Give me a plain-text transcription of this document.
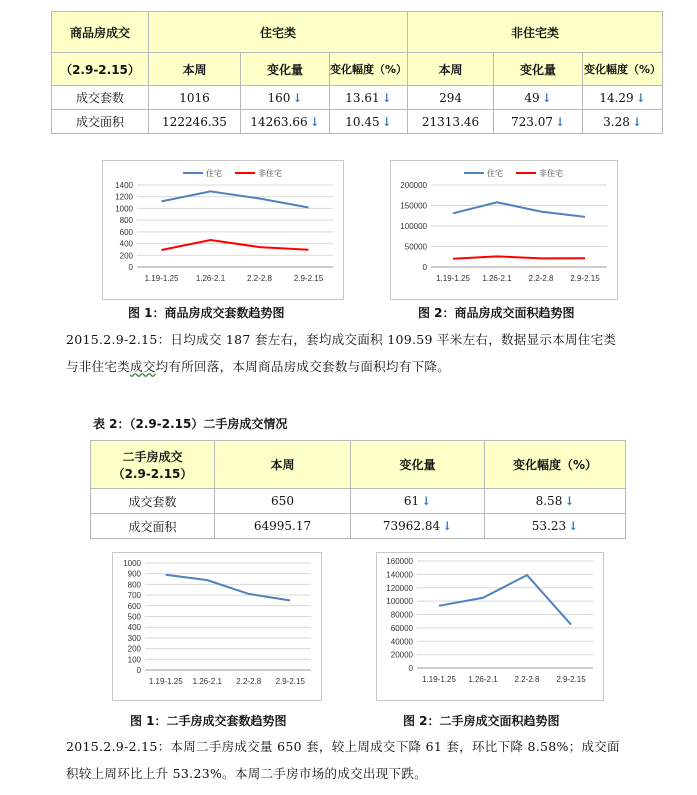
商品房成交	住宅类			非住宅类		
（2.9-2.15）	本周	变化量	变化幅度（%）	本周	变化量	变化幅度（%）
成交套数	1016	160 ↓	13.61 ↓	294	49 ↓	14.29 ↓
成交面积	122246.35	14263.66 ↓	10.45 ↓	21313.46	723.07 ↓	3.28 ↓
0
200
400
600
800
1000
1200
1400
1.19-1.25 1.26-2.1	2.2-2.8	2.9-2.15
住宅	非住宅
0
50000
100000
150000
200000
1.19-1.25 1.26-2.1 2.2-2.8 2.9-2.15
住宅	非住宅
图 1：商品房成交套数趋势图	图 2：商品房成交面积趋势图
2015.2.9-2.15：日均成交 187 套左右，套均成交面积 109.59 平米左右，数据显示本周住宅类
与非住宅类成交均有所回落，本周商品房成交套数与面积均有下降。
表 2：（2.9-2.15）二手房成交情况
二手房成交
（2.9-2.15）	本周	变化量	变化幅度（%）
成交套数	650	61 ↓	8.58 ↓
成交面积	64995.17	73962.84 ↓	53.23 ↓
0
100
200
300
400
500
600
700
800
900
1000
1.19-1.25 1.26-2.1 2.2-2.8 2.9-2.15
0
20000
40000
60000
80000
100000
120000
140000
160000
1.19-1.25 1.26-2.1 2.2-2.8 2.9-2.15
图 1：二手房成交套数趋势图	图 2：二手房成交面积趋势图
2015.2.9-2.15：本周二手房成交量 650 套，较上周成交下降 61 套，环比下降 8.58%；成交面
积较上周环比上升 53.23%。本周二手房市场的成交出现下跌。
